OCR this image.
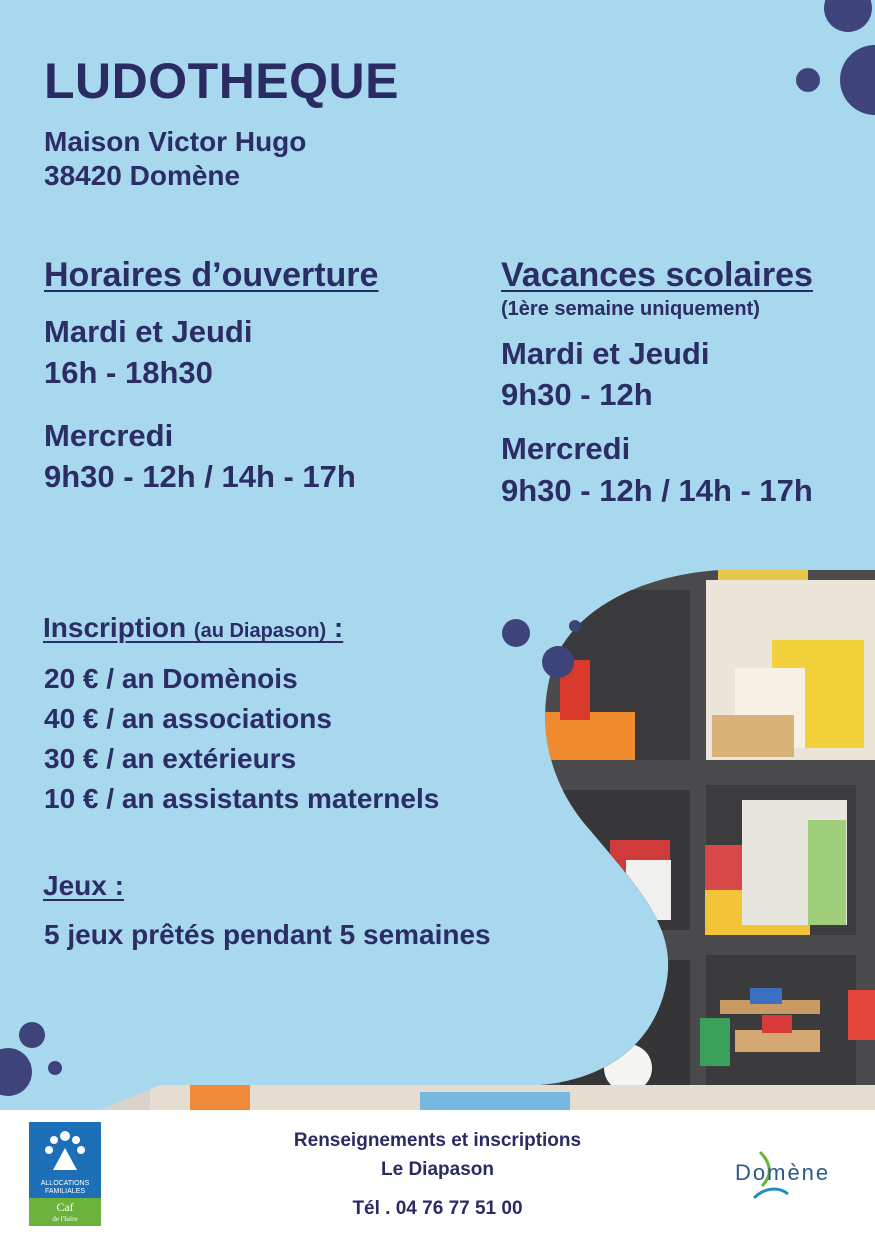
LUDOTHEQUE
Maison Victor Hugo
38420 Domène
Horaires d’ouverture
Mardi et Jeudi
16h - 18h30
Mercredi
9h30 - 12h / 14h - 17h
Vacances scolaires
(1ère semaine uniquement)
Mardi et Jeudi
9h30 - 12h
Mercredi
9h30 - 12h / 14h - 17h
Inscription (au Diapason) :
20 € / an Domènois
40 € / an associations
30 € / an extérieurs
10 € / an assistants maternels
Jeux :
5 jeux prêtés pendant 5 semaines
ALLOCATIONS FAMILIALES
Caf
de l'Isère
Renseignements et inscriptions
Le Diapason
Tél . 04 76 77 51 00
Domène
